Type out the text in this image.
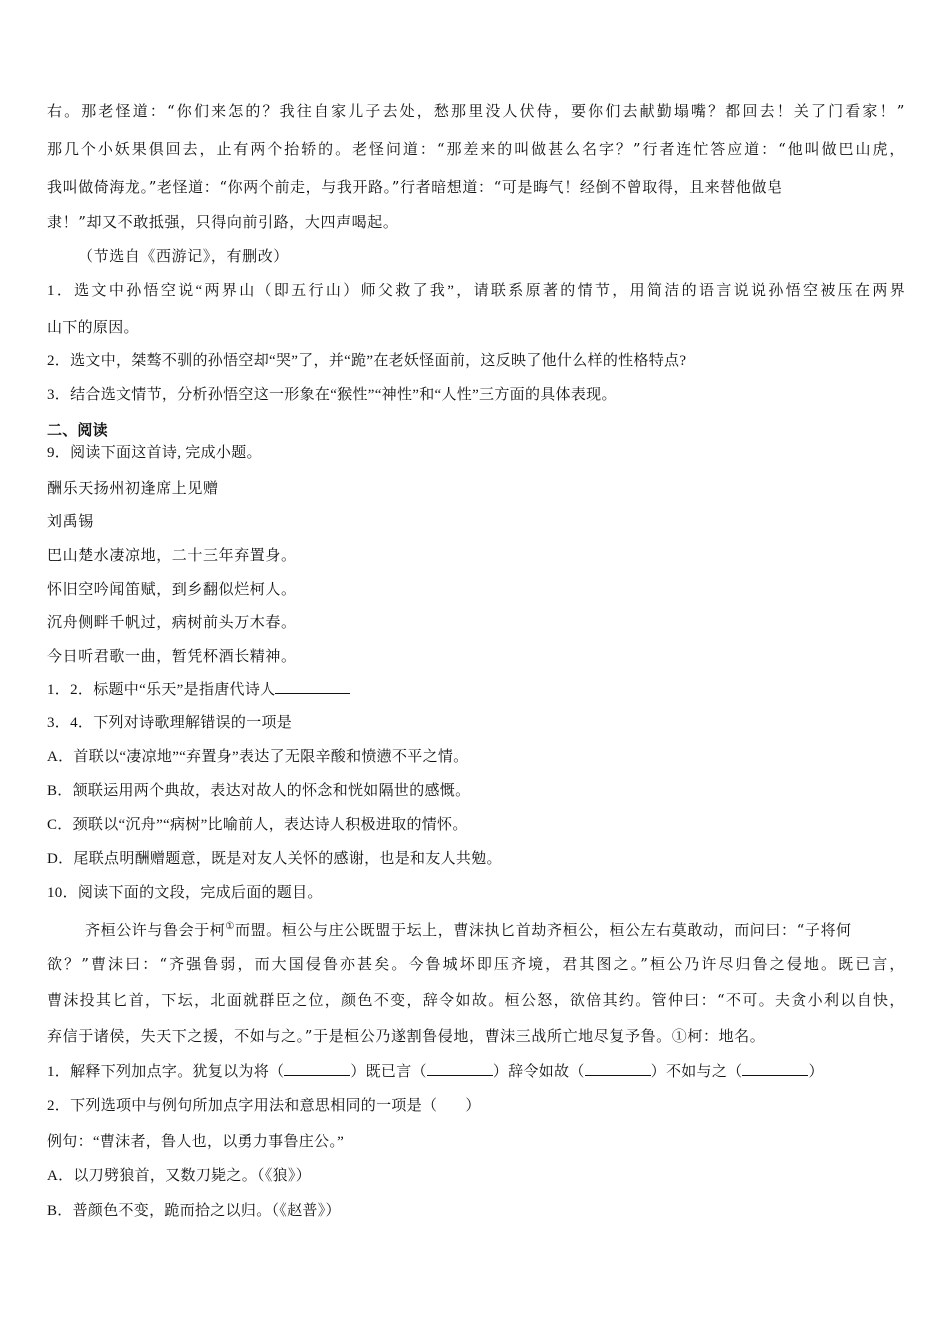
右。那老怪道：“你们来怎的？我往自家儿子去处，愁那里没人伏侍，要你们去献勤塌嘴？都回去！关了门看家！”
那几个小妖果俱回去，止有两个抬轿的。老怪问道：“那差来的叫做甚么名字？”行者连忙答应道：“他叫做巴山虎，
我叫做倚海龙。”老怪道：“你两个前走，与我开路。”行者暗想道：“可是晦气！经倒不曾取得，且来替他做皂
隶！”却又不敢抵强，只得向前引路，大四声喝起。
（节选自《西游记》，有删改）
1．选文中孙悟空说“两界山（即五行山）师父救了我”，请联系原著的情节，用简洁的语言说说孙悟空被压在两界
山下的原因。
2．选文中，桀骜不驯的孙悟空却“哭”了，并“跪”在老妖怪面前，这反映了他什么样的性格特点?
3．结合选文情节，分析孙悟空这一形象在“猴性”“神性”和“人性”三方面的具体表现。
二、阅读
9．阅读下面这首诗, 完成小题。
酬乐天扬州初逢席上见赠
刘禹锡
巴山楚水凄凉地，二十三年弃置身。
怀旧空吟闻笛赋，到乡翻似烂柯人。
沉舟侧畔千帆过，病树前头万木春。
今日听君歌一曲，暂凭杯酒长精神。
1．2．标题中“乐天”是指唐代诗人
3．4．下列对诗歌理解错误的一项是
A．首联以“凄凉地”“弃置身”表达了无限辛酸和愤懑不平之情。
B．颔联运用两个典故，表达对故人的怀念和恍如隔世的感慨。
C．颈联以“沉舟”“病树”比喻前人，表达诗人积极进取的情怀。
D．尾联点明酬赠题意，既是对友人关怀的感谢，也是和友人共勉。
10．阅读下面的文段，完成后面的题目。
齐桓公许与鲁会于柯①而盟。桓公与庄公既盟于坛上，曹沫执匕首劫齐桓公，桓公左右莫敢动，而问曰：“子将何
欲？”曹沫曰：“齐强鲁弱，而大国侵鲁亦甚矣。今鲁城坏即压齐境，君其图之。”桓公乃许尽归鲁之侵地。既已言，
曹沫投其匕首，下坛，北面就群臣之位，颜色不变，辞令如故。桓公怒，欲倍其约。管仲曰：“不可。夫贪小利以自快，
弃信于诸侯，失天下之援，不如与之。”于是桓公乃遂割鲁侵地，曹沫三战所亡地尽复予鲁。①柯：地名。
1．解释下列加点字。犹复以为将（	）既已言（	）辞令如故（	）不如与之（	）
2．下列选项中与例句所加点字用法和意思相同的一项是（ ）
例句：“曹沫者，鲁人也，以勇力事鲁庄公。”
A．以刀劈狼首，又数刀毙之。（《狼》）
B．普颜色不变，跪而拾之以归。（《赵普》）
